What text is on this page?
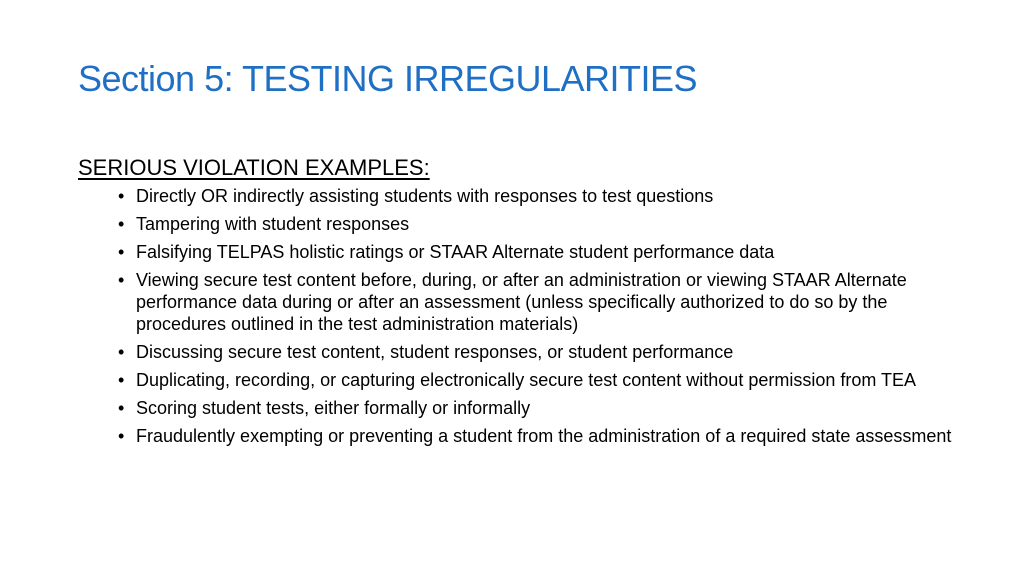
Section 5: TESTING IRREGULARITIES
SERIOUS VIOLATION EXAMPLES:
• Directly OR indirectly assisting students with responses to test questions
• Tampering with student responses
• Falsifying TELPAS holistic ratings or STAAR Alternate student performance data
• Viewing secure test content before, during, or after an administration or viewing STAAR Alternate performance data during or after an assessment (unless specifically authorized to do so by the procedures outlined in the test administration materials)
• Discussing secure test content, student responses, or student performance
• Duplicating, recording, or capturing electronically secure test content without permission from TEA
• Scoring student tests, either formally or informally
• Fraudulently exempting or preventing a student from the administration of a required state assessment
